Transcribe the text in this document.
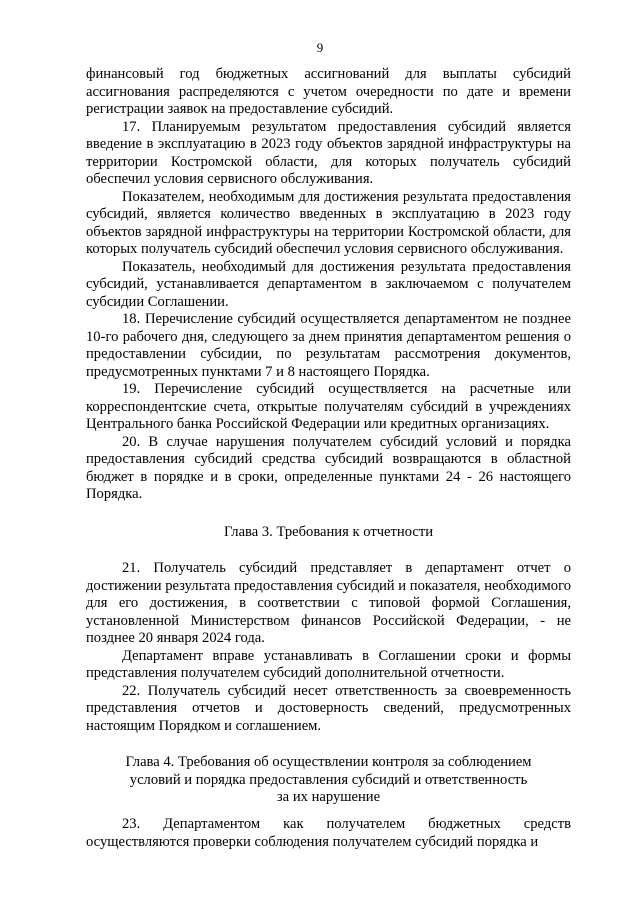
9

финансовый год бюджетных ассигнований для выплаты субсидий ассигнования распределяются с учетом очередности по дате и времени регистрации заявок на предоставление субсидий.

17. Планируемым результатом предоставления субсидий является введение в эксплуатацию в 2023 году объектов зарядной инфраструктуры на территории Костромской области, для которых получатель субсидий обеспечил условия сервисного обслуживания.

Показателем, необходимым для достижения результата предоставления субсидий, является количество введенных в эксплуатацию в 2023 году объектов зарядной инфраструктуры на территории Костромской области, для которых получатель субсидий обеспечил условия сервисного обслуживания.

Показатель, необходимый для достижения результата предоставления субсидий, устанавливается департаментом в заключаемом с получателем субсидии Соглашении.

18. Перечисление субсидий осуществляется департаментом не позднее 10-го рабочего дня, следующего за днем принятия департаментом решения о предоставлении субсидии, по результатам рассмотрения документов, предусмотренных пунктами 7 и 8 настоящего Порядка.

19. Перечисление субсидий осуществляется на расчетные или корреспондентские счета, открытые получателям субсидий в учреждениях Центрального банка Российской Федерации или кредитных организациях.

20. В случае нарушения получателем субсидий условий и порядка предоставления субсидий средства субсидий возвращаются в областной бюджет в порядке и в сроки, определенные пунктами 24 - 26 настоящего Порядка.

Глава 3. Требования к отчетности

21. Получатель субсидий представляет в департамент отчет о достижении результата предоставления субсидий и показателя, необходимого для его достижения, в соответствии с типовой формой Соглашения, установленной Министерством финансов Российской Федерации, - не позднее 20 января 2024 года.

Департамент вправе устанавливать в Соглашении сроки и формы представления получателем субсидий дополнительной отчетности.

22. Получатель субсидий несет ответственность за своевременность представления отчетов и достоверность сведений, предусмотренных настоящим Порядком и соглашением.

Глава 4. Требования об осуществлении контроля за соблюдением
условий и порядка предоставления субсидий и ответственность
за их нарушение

23. Департаментом как получателем бюджетных средств
осуществляются проверки соблюдения получателем субсидий порядка и
